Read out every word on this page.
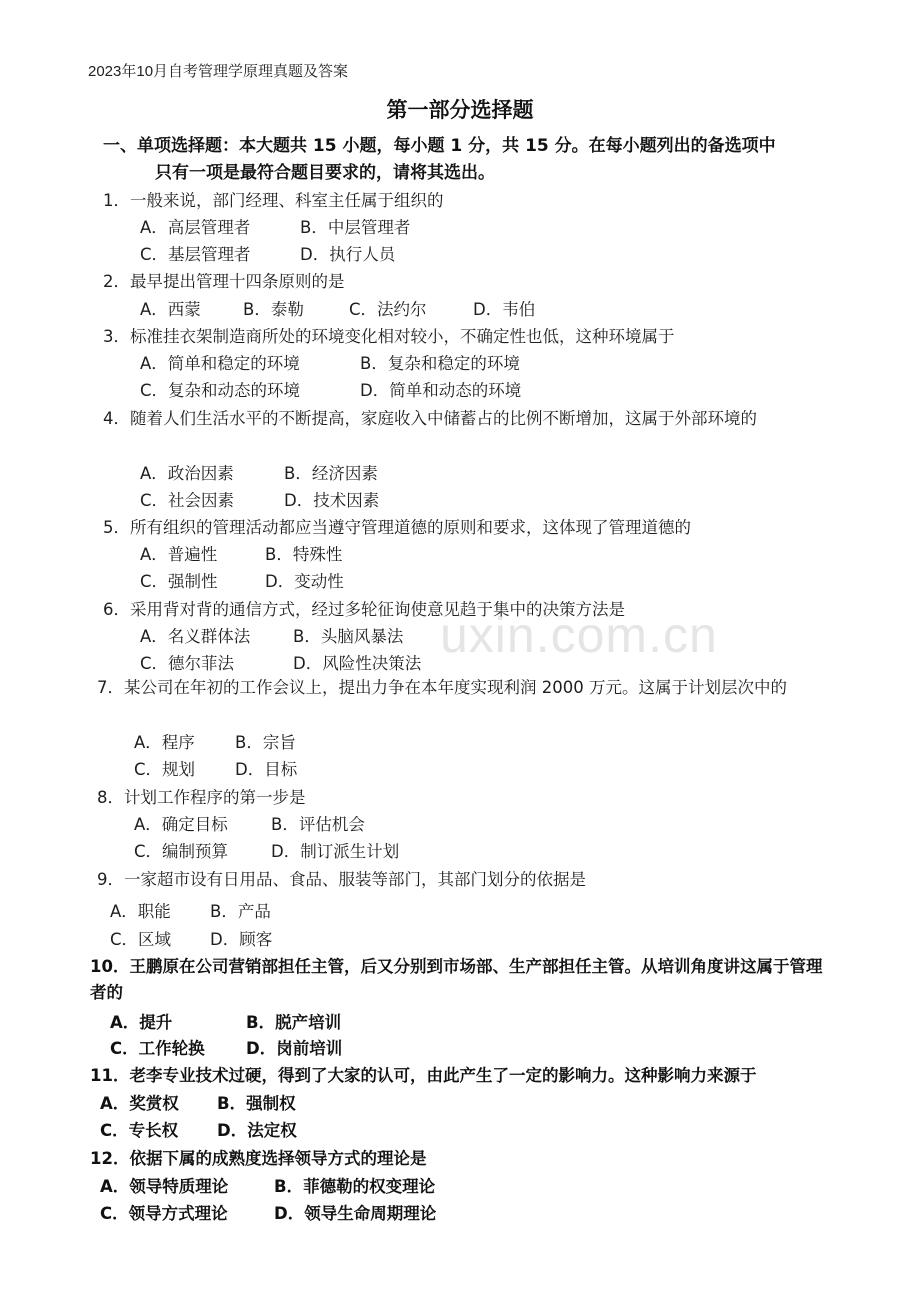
2023年10月自考管理学原理真题及答案
第一部分选择题
一、单项选择题：本大题共 15 小题，每小题 1 分，共 15 分。在每小题列出的备选项中
只有一项是最符合题目要求的，请将其选出。
uxin.com.cn
1．一般来说，部门经理、科室主任属于组织的
A．高层管理者	B．中层管理者
C．基层管理者	D．执行人员
2．最早提出管理十四条原则的是
A．西蒙	B．泰勒	C．法约尔	D．韦伯
3．标准挂衣架制造商所处的环境变化相对较小，不确定性也低，这种环境属于
A．简单和稳定的环境	B．复杂和稳定的环境
C．复杂和动态的环境	D．简单和动态的环境
4．随着人们生活水平的不断提高，家庭收入中储蓄占的比例不断增加，这属于外部环境的
A．政治因素	B．经济因素
C．社会因素	D．技术因素
5．所有组织的管理活动都应当遵守管理道德的原则和要求，这体现了管理道德的
A．普遍性	B．特殊性
C．强制性	D．变动性
6．采用背对背的通信方式，经过多轮征询使意见趋于集中的决策方法是
A．名义群体法	B．头脑风暴法
C．德尔菲法	D．风险性决策法
7．某公司在年初的工作会议上，提出力争在本年度实现利润 2000 万元。这属于计划层次中的
A．程序 B．宗旨
C．规划 D．目标
8．计划工作程序的第一步是
A．确定目标	B．评估机会
C．编制预算	D．制订派生计划
9．一家超市设有日用品、食品、服装等部门，其部门划分的依据是
A．职能 B．产品
C．区域 D．顾客
10．王鹏原在公司营销部担任主管，后又分别到市场部、生产部担任主管。从培训角度讲这属于管理者的
A．提升	B．脱产培训
C．工作轮换	D．岗前培训
11．老李专业技术过硬，得到了大家的认可，由此产生了一定的影响力。这种影响力来源于
A．奖赏权 B．强制权
C．专长权 D．法定权
12．依据下属的成熟度选择领导方式的理论是
A．领导特质理论	B．菲德勒的权变理论
C．领导方式理论	D．领导生命周期理论
